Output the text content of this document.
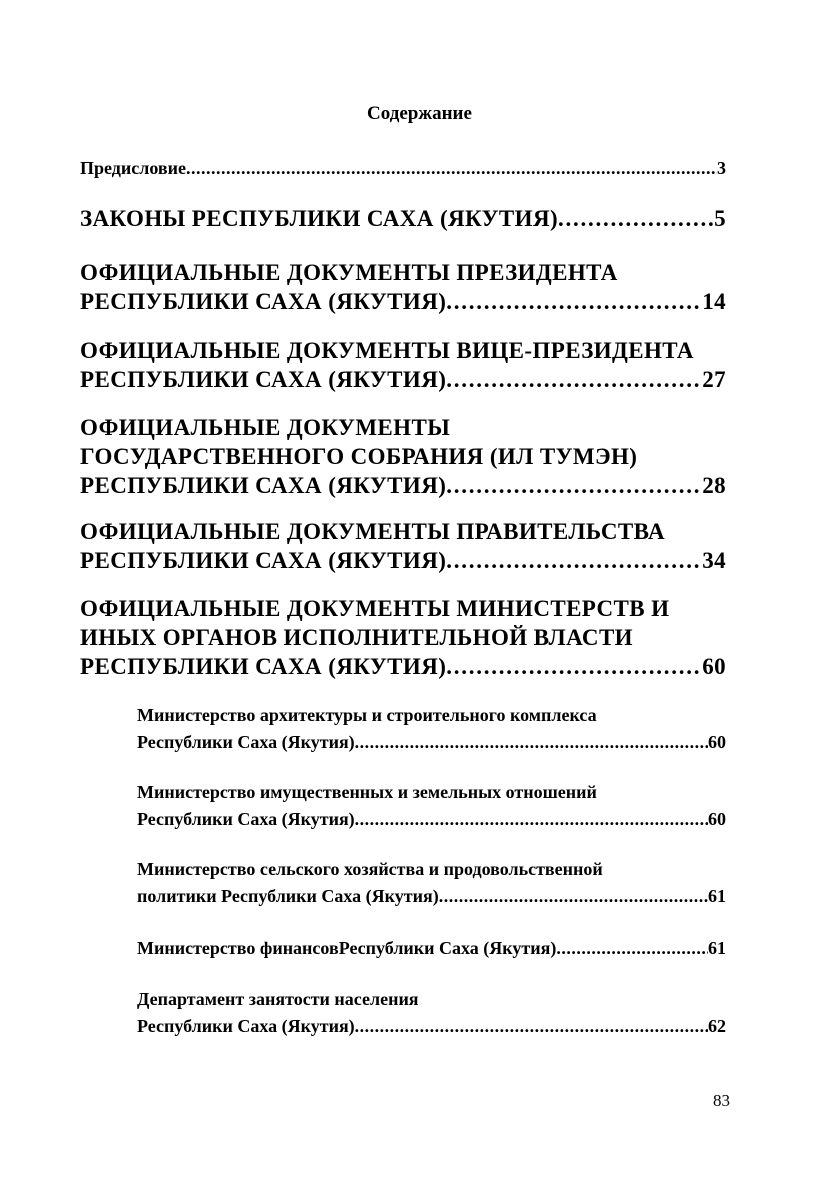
Содержание
Предисловие . . .	3
ЗАКОНЫ РЕСПУБЛИКИ САХА (ЯКУТИЯ) . . .	5
ОФИЦИАЛЬНЫЕ ДОКУМЕНТЫ ПРЕЗИДЕНТА
РЕСПУБЛИКИ САХА (ЯКУТИЯ) . . .	14
ОФИЦИАЛЬНЫЕ ДОКУМЕНТЫ ВИЦЕ-ПРЕЗИДЕНТА
РЕСПУБЛИКИ САХА (ЯКУТИЯ) . . .	27
ОФИЦИАЛЬНЫЕ ДОКУМЕНТЫ
ГОСУДАРСТВЕННОГО СОБРАНИЯ (ИЛ ТУМЭН)
РЕСПУБЛИКИ САХА (ЯКУТИЯ) . . .	28
ОФИЦИАЛЬНЫЕ ДОКУМЕНТЫ ПРАВИТЕЛЬСТВА
РЕСПУБЛИКИ САХА (ЯКУТИЯ) . . .	34
ОФИЦИАЛЬНЫЕ ДОКУМЕНТЫ МИНИСТЕРСТВ И
ИНЫХ ОРГАНОВ ИСПОЛНИТЕЛЬНОЙ ВЛАСТИ
РЕСПУБЛИКИ САХА (ЯКУТИЯ) . . .	60
Министерство архитектуры и строительного комплекса
Республики Саха (Якутия) . . .	60
Министерство имущественных и земельных отношений
Республики Саха (Якутия) . . .	60
Министерство сельского хозяйства и продовольственной
политики Республики Саха (Якутия) . . .	61
Министерство финансовРеспублики Саха (Якутия) . . .	61
Департамент занятости населения
Республики Саха (Якутия) . . .	62
83
